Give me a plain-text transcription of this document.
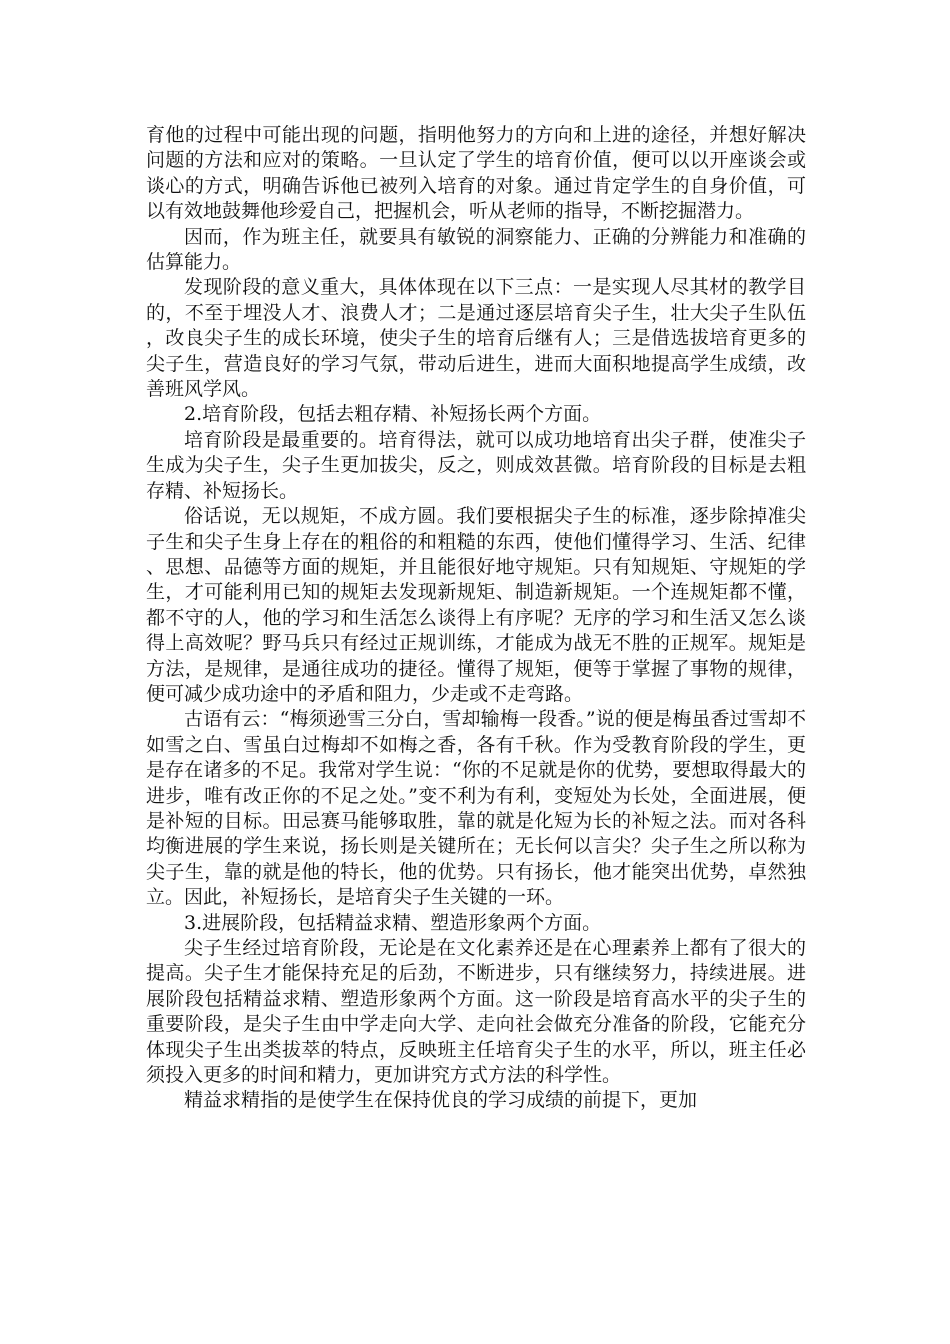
育他的过程中可能出现的问题，指明他努力的方向和上进的途径，并想好解决问题的方法和应对的策略。一旦认定了学生的培育价值，便可以以开座谈会或谈心的方式，明确告诉他已被列入培育的对象。通过肯定学生的自身价值，可以有效地鼓舞他珍爱自己，把握机会，听从老师的指导，不断挖掘潜力。

因而，作为班主任，就要具有敏锐的洞察能力、正确的分辨能力和准确的估算能力。

发现阶段的意义重大，具体体现在以下三点：一是实现人尽其材的教学目的，不至于埋没人才、浪费人才；二是通过逐层培育尖子生，壮大尖子生队伍，改良尖子生的成长环境，使尖子生的培育后继有人；三是借选拔培育更多的尖子生，营造良好的学习气氛，带动后进生，进而大面积地提高学生成绩，改善班风学风。

2.培育阶段，包括去粗存精、补短扬长两个方面。

培育阶段是最重要的。培育得法，就可以成功地培育出尖子群，使准尖子生成为尖子生，尖子生更加拔尖，反之，则成效甚微。培育阶段的目标是去粗存精、补短扬长。

俗话说，无以规矩，不成方圆。我们要根据尖子生的标准，逐步除掉准尖子生和尖子生身上存在的粗俗的和粗糙的东西，使他们懂得学习、生活、纪律、思想、品德等方面的规矩，并且能很好地守规矩。只有知规矩、守规矩的学生，才可能利用已知的规矩去发现新规矩、制造新规矩。一个连规矩都不懂，都不守的人，他的学习和生活怎么谈得上有序呢？无序的学习和生活又怎么谈得上高效呢？野马兵只有经过正规训练，才能成为战无不胜的正规军。规矩是方法，是规律，是通往成功的捷径。懂得了规矩，便等于掌握了事物的规律，便可减少成功途中的矛盾和阻力，少走或不走弯路。

古语有云：“梅须逊雪三分白，雪却输梅一段香。”说的便是梅虽香过雪却不如雪之白、雪虽白过梅却不如梅之香，各有千秋。作为受教育阶段的学生，更是存在诸多的不足。我常对学生说：“你的不足就是你的优势，要想取得最大的进步，唯有改正你的不足之处。”变不利为有利，变短处为长处，全面进展，便是补短的目标。田忌赛马能够取胜，靠的就是化短为长的补短之法。而对各科均衡进展的学生来说，扬长则是关键所在；无长何以言尖？尖子生之所以称为尖子生，靠的就是他的特长，他的优势。只有扬长，他才能突出优势，卓然独立。因此，补短扬长，是培育尖子生关键的一环。

3.进展阶段，包括精益求精、塑造形象两个方面。

尖子生经过培育阶段，无论是在文化素养还是在心理素养上都有了很大的提高。尖子生才能保持充足的后劲，不断进步，只有继续努力，持续进展。进展阶段包括精益求精、塑造形象两个方面。这一阶段是培育高水平的尖子生的重要阶段，是尖子生由中学走向大学、走向社会做充分准备的阶段，它能充分体现尖子生出类拔萃的特点，反映班主任培育尖子生的水平，所以，班主任必须投入更多的时间和精力，更加讲究方式方法的科学性。

精益求精指的是使学生在保持优良的学习成绩的前提下，更加
